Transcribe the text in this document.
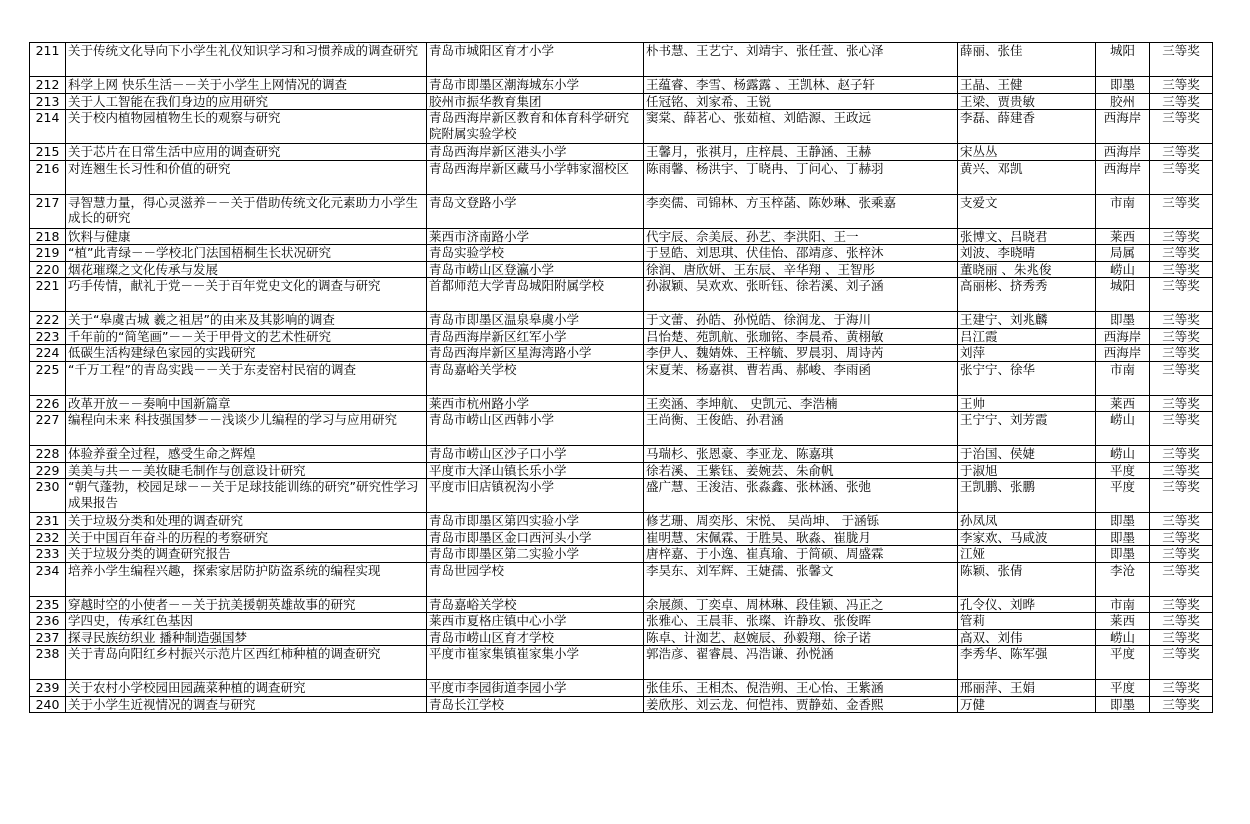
211	关于传统文化导向下小学生礼仪知识学习和习惯养成的调查研究	青岛市城阳区育才小学	朴书慧、王艺宁、刘靖宇、张任萱、张心泽	薛丽、张佳	城阳	三等奖
212	科学上网 快乐生活－－关于小学生上网情况的调查	青岛市即墨区潮海城东小学	王蕴睿、李雪、杨露露 、王凯林、赵子轩	王晶、王健	即墨	三等奖
213	关于人工智能在我们身边的应用研究	胶州市振华教育集团	任冠铭、刘家希、王锐	王梁、贾贵敏	胶州	三等奖
214	关于校内植物园植物生长的观察与研究	青岛西海岸新区教育和体育科学研究院附属实验学校	窦棠、薛茗心、张茹楦、刘皓源、王政远	李磊、薛建香	西海岸	三等奖
215	关于芯片在日常生活中应用的调查研究	青岛西海岸新区港头小学	王馨月，张祺月，庄梓晨、王静涵、王赫	宋丛丛	西海岸	三等奖
216	对连翘生长习性和价值的研究	青岛西海岸新区藏马小学韩家溜校区	陈雨馨、杨洪宇、丁晓冉、丁问心、丁赫羽	黄兴、邓凯	西海岸	三等奖
217	寻智慧力量，得心灵滋养－－关于借助传统文化元素助力小学生成长的研究	青岛文登路小学	李奕儒、司锦林、方玉梓菡、陈妙琳、张乘嘉	支爱文	市南	三等奖
218	饮料与健康	莱西市济南路小学	代宇辰、佘美辰、孙艺、李洪阳、王一	张博文、吕晓君	莱西	三等奖
219	“植”此青绿－－学校北门法国梧桐生长状况研究	青岛实验学校	于昱皓、刘思琪、伏佳怡、邵靖彦、张梓沐	刘波、李晓晴	局属	三等奖
220	烟花璀璨之文化传承与发展	青岛市崂山区登瀛小学	徐润、唐欣妍、王东辰、辛华翔 、王智彤	董晓丽 、朱兆俊	崂山	三等奖
221	巧手传情，献礼于党－－关于百年党史文化的调查与研究	首都师范大学青岛城阳附属学校	孙淑颖、吴欢欢、张昕钰、徐若溪、刘子涵	高丽彬、挤秀秀	城阳	三等奖
222	关于“皋虞古城 羲之祖居”的由来及其影响的调查	青岛市即墨区温泉皋虞小学	于文蕾、孙皓、孙悦皓、徐润龙、于海川	王建宁、刘兆麟	即墨	三等奖
223	千年前的“简笔画”－－关于甲骨文的艺术性研究	青岛西海岸新区红军小学	吕怡楚、苑凯航、张珈铭、李晨希、黄栩敏	吕江霞	西海岸	三等奖
224	低碳生活构建绿色家园的实践研究	青岛西海岸新区星海湾路小学	李伊人、魏婧姝、王梓毓、罗晨羽、周诗芮	刘萍	西海岸	三等奖
225	“千万工程”的青岛实践－－关于东麦窑村民宿的调查	青岛嘉峪关学校	宋夏茉、杨嘉祺、曹若禹、郝峻、李雨函	张宁宁、徐华	市南	三等奖
226	改革开放－－奏响中国新篇章	莱西市杭州路小学	王奕涵、李坤航、 史凯元、李浩楠	王帅	莱西	三等奖
227	编程向未来 科技强国梦－－浅谈少儿编程的学习与应用研究	青岛市崂山区西韩小学	王尚衡、王俊皓、孙君涵	王宁宁、刘芳霞	崂山	三等奖
228	体验养蚕全过程，感受生命之辉煌	青岛市崂山区沙子口小学	马瑞杉、张恩豪、李亚龙、陈嘉琪	于治国、侯婕	崂山	三等奖
229	美美与共－－美妆睫毛制作与创意设计研究	平度市大泽山镇长乐小学	徐若溪、王紫钰、姜婉芸、朱俞帆	于淑旭	平度	三等奖
230	“朝气蓬勃，校园足球－－关于足球技能训练的研究”研究性学习成果报告	平度市旧店镇祝沟小学	盛广慧、王浚洁、张淼鑫、张林涵、张弛	王凯鹏、张鹏	平度	三等奖
231	关于垃圾分类和处理的调查研究	青岛市即墨区第四实验小学	修艺珊、周奕彤、宋悦、 吴尚坤、 于涵铄	孙凤凤	即墨	三等奖
232	关于中国百年奋斗的历程的考察研究	青岛市即墨区金口西河头小学	崔明慧、宋佩霖、于胜昊、耿淼、崔胧月	李家欢、马咸波	即墨	三等奖
233	关于垃圾分类的调查研究报告	青岛市即墨区第二实验小学	唐梓嘉、于小逸、崔真瑜、于简硕、周盛霖	江娅	即墨	三等奖
234	培养小学生编程兴趣，探索家居防护防盗系统的编程实现	青岛世园学校	李昊东、刘军辉、王婕孺、张馨文	陈颖、张倩	李沧	三等奖
235	穿越时空的小使者－－关于抗美援朝英雄故事的研究	青岛嘉峪关学校	余展颜、丁奕卓、周林琳、段佳颖、冯正之	孔令仪、刘晔	市南	三等奖
236	学四史，传承红色基因	莱西市夏格庄镇中心小学	张雅心、王晨菲、张璨、许静玫、张俊晖	管莉	莱西	三等奖
237	探寻民族纺织业 播种制造强国梦	青岛市崂山区育才学校	陈卓、计洳艺、赵婉辰、孙毅翔、徐子诺	高双、刘伟	崂山	三等奖
238	关于青岛向阳红乡村振兴示范片区西红柿种植的调查研究	平度市崔家集镇崔家集小学	郭浩彦、翟睿晨、冯浩谦、孙悦涵	李秀华、陈军强	平度	三等奖
239	关于农村小学校园田园蔬菜种植的调查研究	平度市李园街道李园小学	张佳乐、王相杰、倪浩朔、王心怡、王紫涵	邢丽萍、王娟	平度	三等奖
240	关于小学生近视情况的调查与研究	青岛长江学校	姜欣彤、刘云龙、何恺祎、贾静茹、金香熙	万健	即墨	三等奖
